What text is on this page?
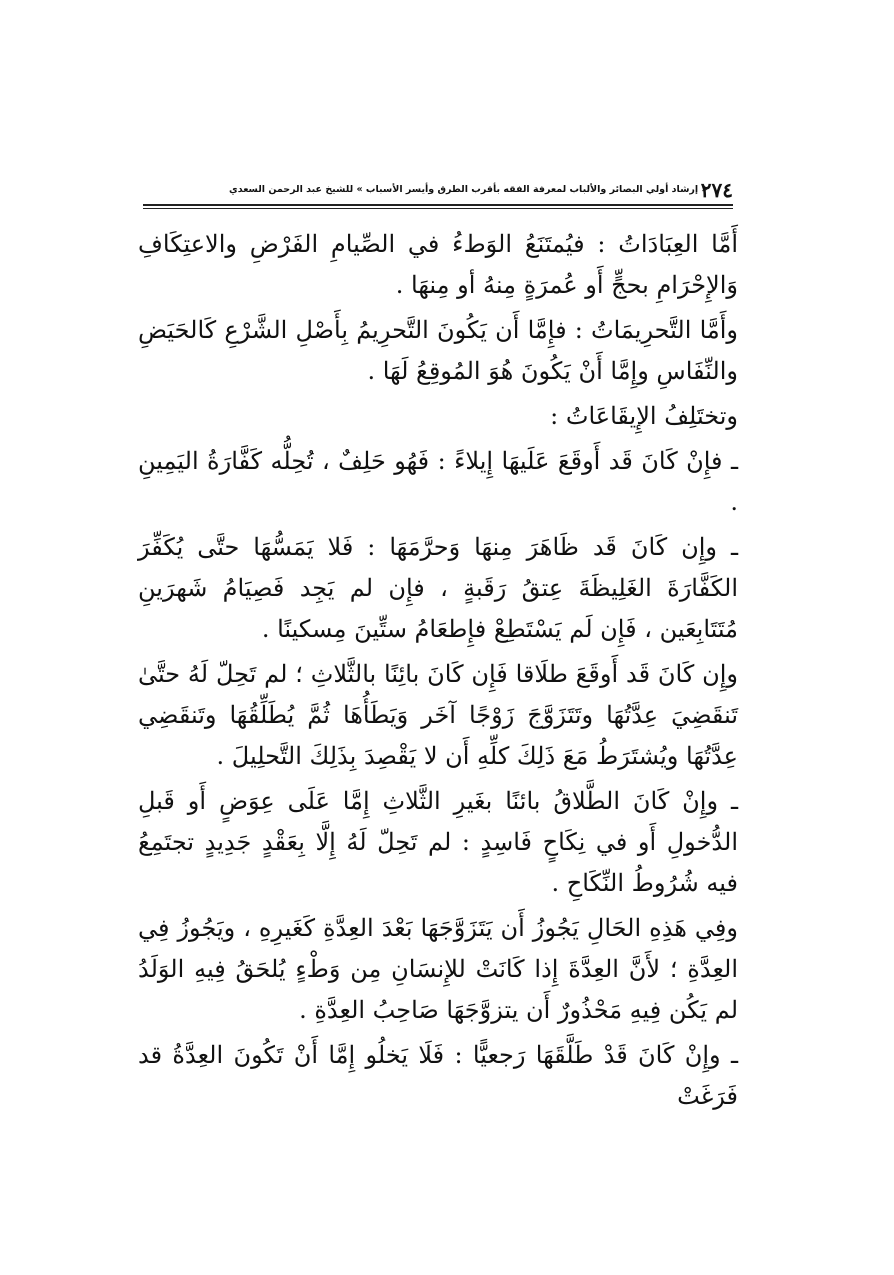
٢٧٤
« إرشاد أولي البصائر والألباب لمعرفة الفقه بأقرب الطرق وأيسر الأسباب » للشيخ عبد الرحمن السعدي

أَمَّا العِبَادَاتُ : فيُمتَنَعُ الوَطءُ في الصِّيامِ الفَرْضِ والاعتِكَافِ وَالإِحْرَامِ بحجٍّ أَو عُمرَةٍ مِنهُ أو مِنهَا .

وأَمَّا التَّحرِيمَاتُ : فإِمَّا أَن يَكُونَ التَّحرِيمُ بِأَصْلِ الشَّرْعِ كَالحَيَضِ والنِّفَاسِ وإِمَّا أَنْ يَكُونَ هُوَ المُوقِعُ لَهَا .

وتختَلِفُ الإِيقَاعَاتُ :

ـ فإِنْ كَانَ قَد أَوقَعَ عَلَيهَا إِيلاءً : فَهُو حَلِفٌ ، تُحِلُّه كَفَّارَةُ اليَمِينِ .

ـ وإِن كَانَ قَد ظَاهَرَ مِنهَا وَحرَّمَهَا : فَلا يَمَسُّهَا حتَّى يُكَفِّرَ الكَفَّارَةَ الغَلِيظَةَ عِتقُ رَقَبةٍ ، فإِن لم يَجِد فَصِيَامُ شَهرَينِ مُتَتَابِعَين ، فَإِن لَم يَسْتَطِعْ فإِطعَامُ ستِّينَ مِسكينًا .

وإِن كَانَ قَد أَوقَعَ طلَاقا فَإِن كَانَ بائِنًا بالثَّلاثِ ؛ لم تَحِلّ لَهُ حتَّىٰ تَنقَضِيَ عِدَّتُهَا وتَتَزَوَّجَ زَوْجًا آخَر وَيَطَأُهَا ثُمَّ يُطَلِّقُهَا وتَنقَضِي عِدَّتُهَا ويُشتَرَطُ مَعَ ذَلِكَ كلِّهِ أَن لا يَقْصِدَ بِذَلِكَ التَّحلِيلَ .

ـ وإِنْ كَانَ الطَّلاقُ بائنًا بغَيرِ الثَّلاثِ إِمَّا عَلَى عِوَضٍ أَو قَبلِ الدُّخولِ أَو في نِكَاحٍ فَاسِدٍ : لم تَحِلّ لَهُ إِلَّا بِعَقْدٍ جَدِيدٍ تجتَمِعُ فيه شُرُوطُ النِّكَاحِ .

وفِي هَذِهِ الحَالِ يَجُوزُ أَن يَتَزَوَّجَهَا بَعْدَ العِدَّةِ كَغَيرِهِ ، ويَجُوزُ فِي العِدَّةِ ؛ لأَنَّ العِدَّةَ إِذا كَانَتْ للإِنسَانِ مِن وَطْءٍ يُلحَقُ فِيهِ الوَلَدُ لم يَكُن فِيهِ مَحْذُورٌ أَن يتزوَّجَهَا صَاحِبُ العِدَّةِ .

ـ وإِنْ كَانَ قَدْ طَلَّقَهَا رَجعيًّا : فَلَا يَخلُو إِمَّا أَنْ تَكُونَ العِدَّةُ قد فَرَغَتْ
